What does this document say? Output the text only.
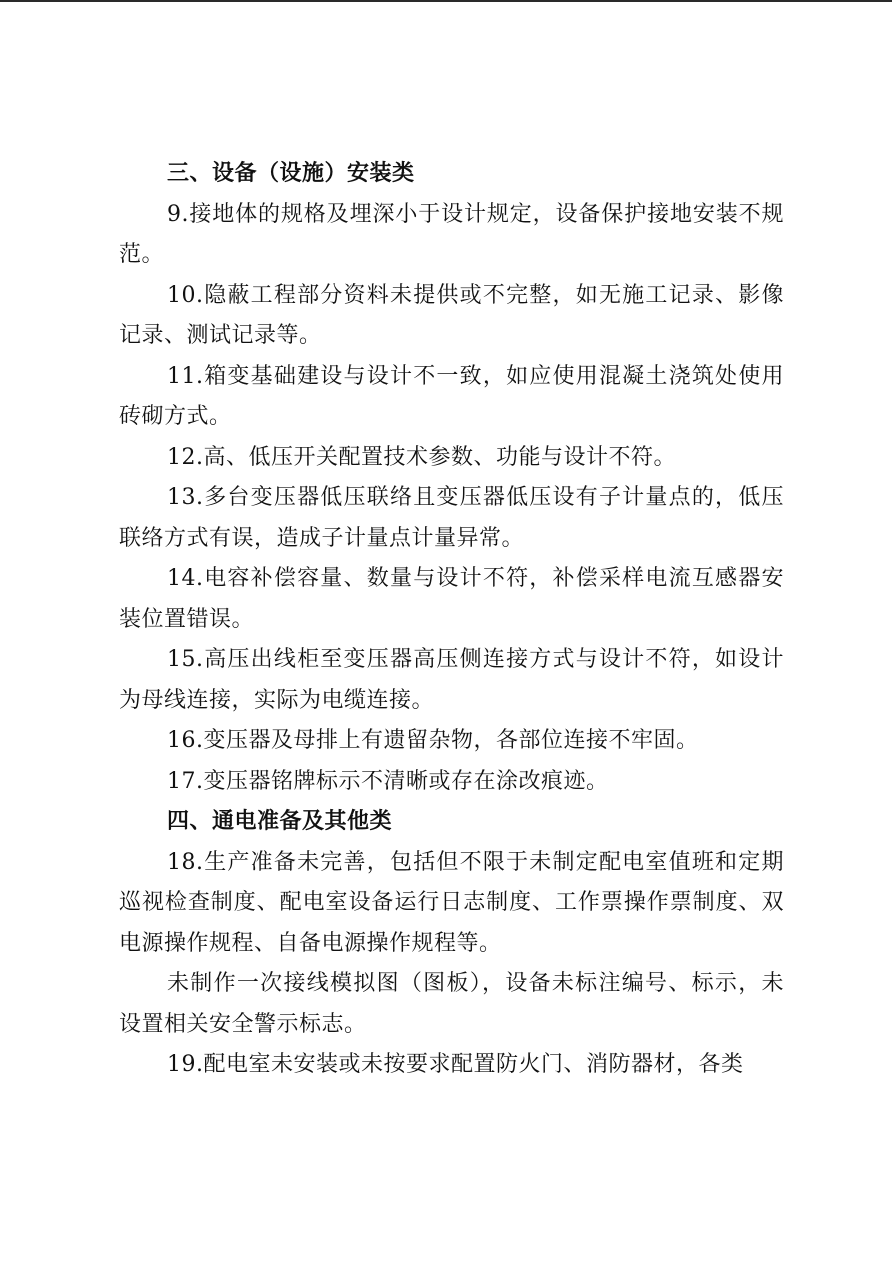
三、设备（设施）安装类

9.接地体的规格及埋深小于设计规定，设备保护接地安装不规范。

10.隐蔽工程部分资料未提供或不完整，如无施工记录、影像记录、测试记录等。

11.箱变基础建设与设计不一致，如应使用混凝土浇筑处使用砖砌方式。

12.高、低压开关配置技术参数、功能与设计不符。

13.多台变压器低压联络且变压器低压设有子计量点的，低压联络方式有误，造成子计量点计量异常。

14.电容补偿容量、数量与设计不符，补偿采样电流互感器安装位置错误。

15.高压出线柜至变压器高压侧连接方式与设计不符，如设计为母线连接，实际为电缆连接。

16.变压器及母排上有遗留杂物，各部位连接不牢固。

17.变压器铭牌标示不清晰或存在涂改痕迹。

四、通电准备及其他类

18.生产准备未完善，包括但不限于未制定配电室值班和定期巡视检查制度、配电室设备运行日志制度、工作票操作票制度、双电源操作规程、自备电源操作规程等。

未制作一次接线模拟图（图板），设备未标注编号、标示，未设置相关安全警示标志。

19.配电室未安装或未按要求配置防火门、消防器材，各类
